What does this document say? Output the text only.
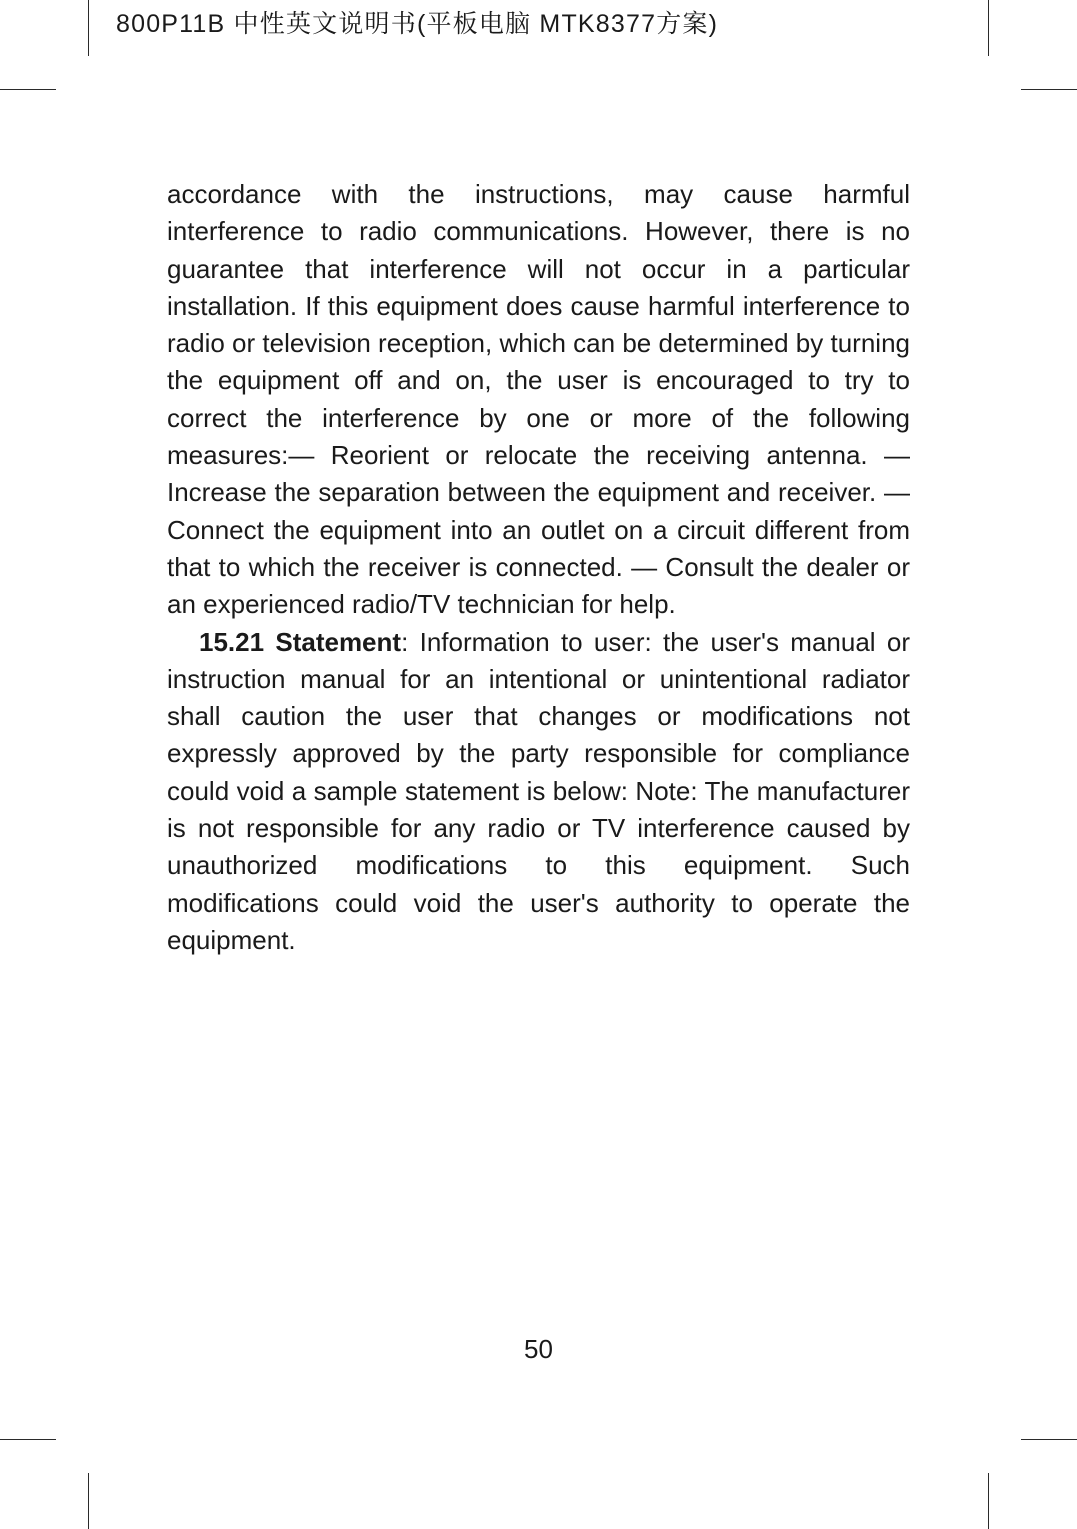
800P11B 中性英文说明书(平板电脑 MTK8377方案)

accordance with the instructions, may cause harmful interference to radio communications. However, there is no guarantee that interference will not occur in a particular installation. If this equipment does cause harmful interference to radio or television reception, which can be determined by turning the equipment off and on, the user is encouraged to try to correct the interference by one or more of the following measures:— Reorient or relocate the receiving antenna. — Increase the separation between the equipment and receiver. — Connect the equipment into an outlet on a circuit different from that to which the receiver is connected. — Consult the dealer or an experienced radio/TV technician for help.

15.21 Statement: Information to user: the user's manual or instruction manual for an intentional or unintentional radiator shall caution the user that changes or modifications not expressly approved by the party responsible for compliance could void a sample statement is below: Note: The manufacturer is not responsible for any radio or TV interference caused by unauthorized modifications to this equipment. Such modifications could void the user's authority to operate the equipment.

50
